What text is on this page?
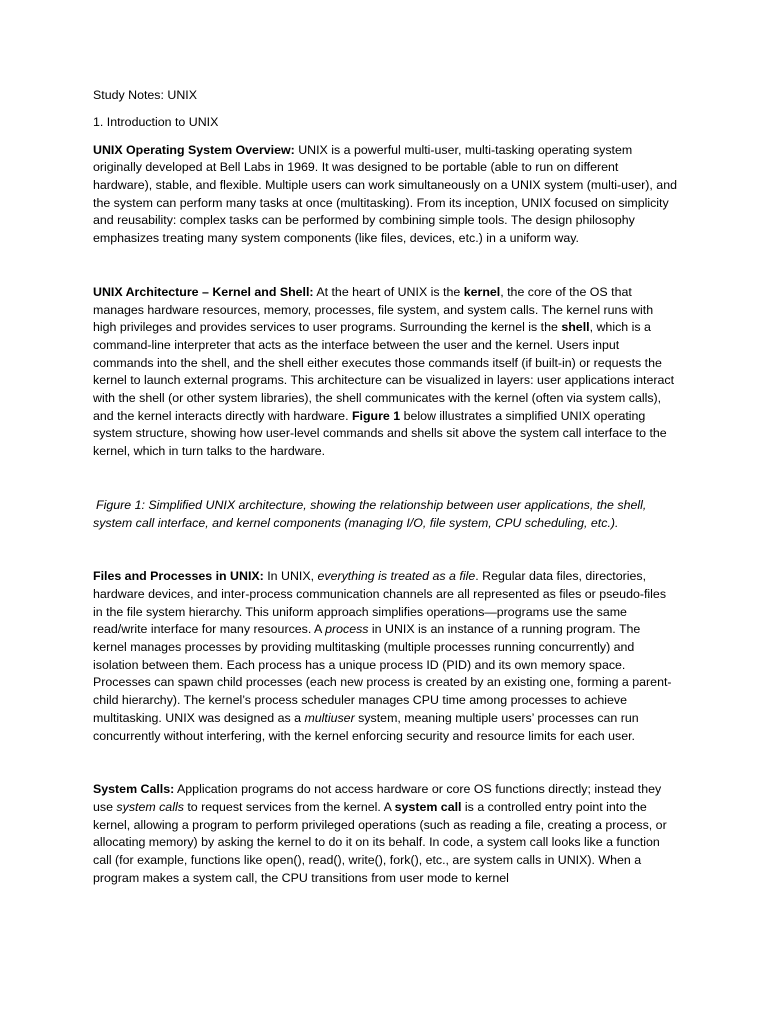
Study Notes: UNIX

1. Introduction to UNIX

UNIX Operating System Overview: UNIX is a powerful multi-user, multi-tasking operating system originally developed at Bell Labs in 1969. It was designed to be portable (able to run on different hardware), stable, and flexible. Multiple users can work simultaneously on a UNIX system (multi-user), and the system can perform many tasks at once (multitasking). From its inception, UNIX focused on simplicity and reusability: complex tasks can be performed by combining simple tools. The design philosophy emphasizes treating many system components (like files, devices, etc.) in a uniform way.

UNIX Architecture – Kernel and Shell: At the heart of UNIX is the kernel, the core of the OS that manages hardware resources, memory, processes, file system, and system calls. The kernel runs with high privileges and provides services to user programs. Surrounding the kernel is the shell, which is a command-line interpreter that acts as the interface between the user and the kernel. Users input commands into the shell, and the shell either executes those commands itself (if built-in) or requests the kernel to launch external programs. This architecture can be visualized in layers: user applications interact with the shell (or other system libraries), the shell communicates with the kernel (often via system calls), and the kernel interacts directly with hardware. Figure 1 below illustrates a simplified UNIX operating system structure, showing how user-level commands and shells sit above the system call interface to the kernel, which in turn talks to the hardware.

Figure 1: Simplified UNIX architecture, showing the relationship between user applications, the shell, system call interface, and kernel components (managing I/O, file system, CPU scheduling, etc.).

Files and Processes in UNIX: In UNIX, everything is treated as a file. Regular data files, directories, hardware devices, and inter-process communication channels are all represented as files or pseudo-files in the file system hierarchy. This uniform approach simplifies operations—programs use the same read/write interface for many resources. A process in UNIX is an instance of a running program. The kernel manages processes by providing multitasking (multiple processes running concurrently) and isolation between them. Each process has a unique process ID (PID) and its own memory space. Processes can spawn child processes (each new process is created by an existing one, forming a parent-child hierarchy). The kernel’s process scheduler manages CPU time among processes to achieve multitasking. UNIX was designed as a multiuser system, meaning multiple users’ processes can run concurrently without interfering, with the kernel enforcing security and resource limits for each user.

System Calls: Application programs do not access hardware or core OS functions directly; instead they use system calls to request services from the kernel. A system call is a controlled entry point into the kernel, allowing a program to perform privileged operations (such as reading a file, creating a process, or allocating memory) by asking the kernel to do it on its behalf. In code, a system call looks like a function call (for example, functions like open(), read(), write(), fork(), etc., are system calls in UNIX). When a program makes a system call, the CPU transitions from user mode to kernel
